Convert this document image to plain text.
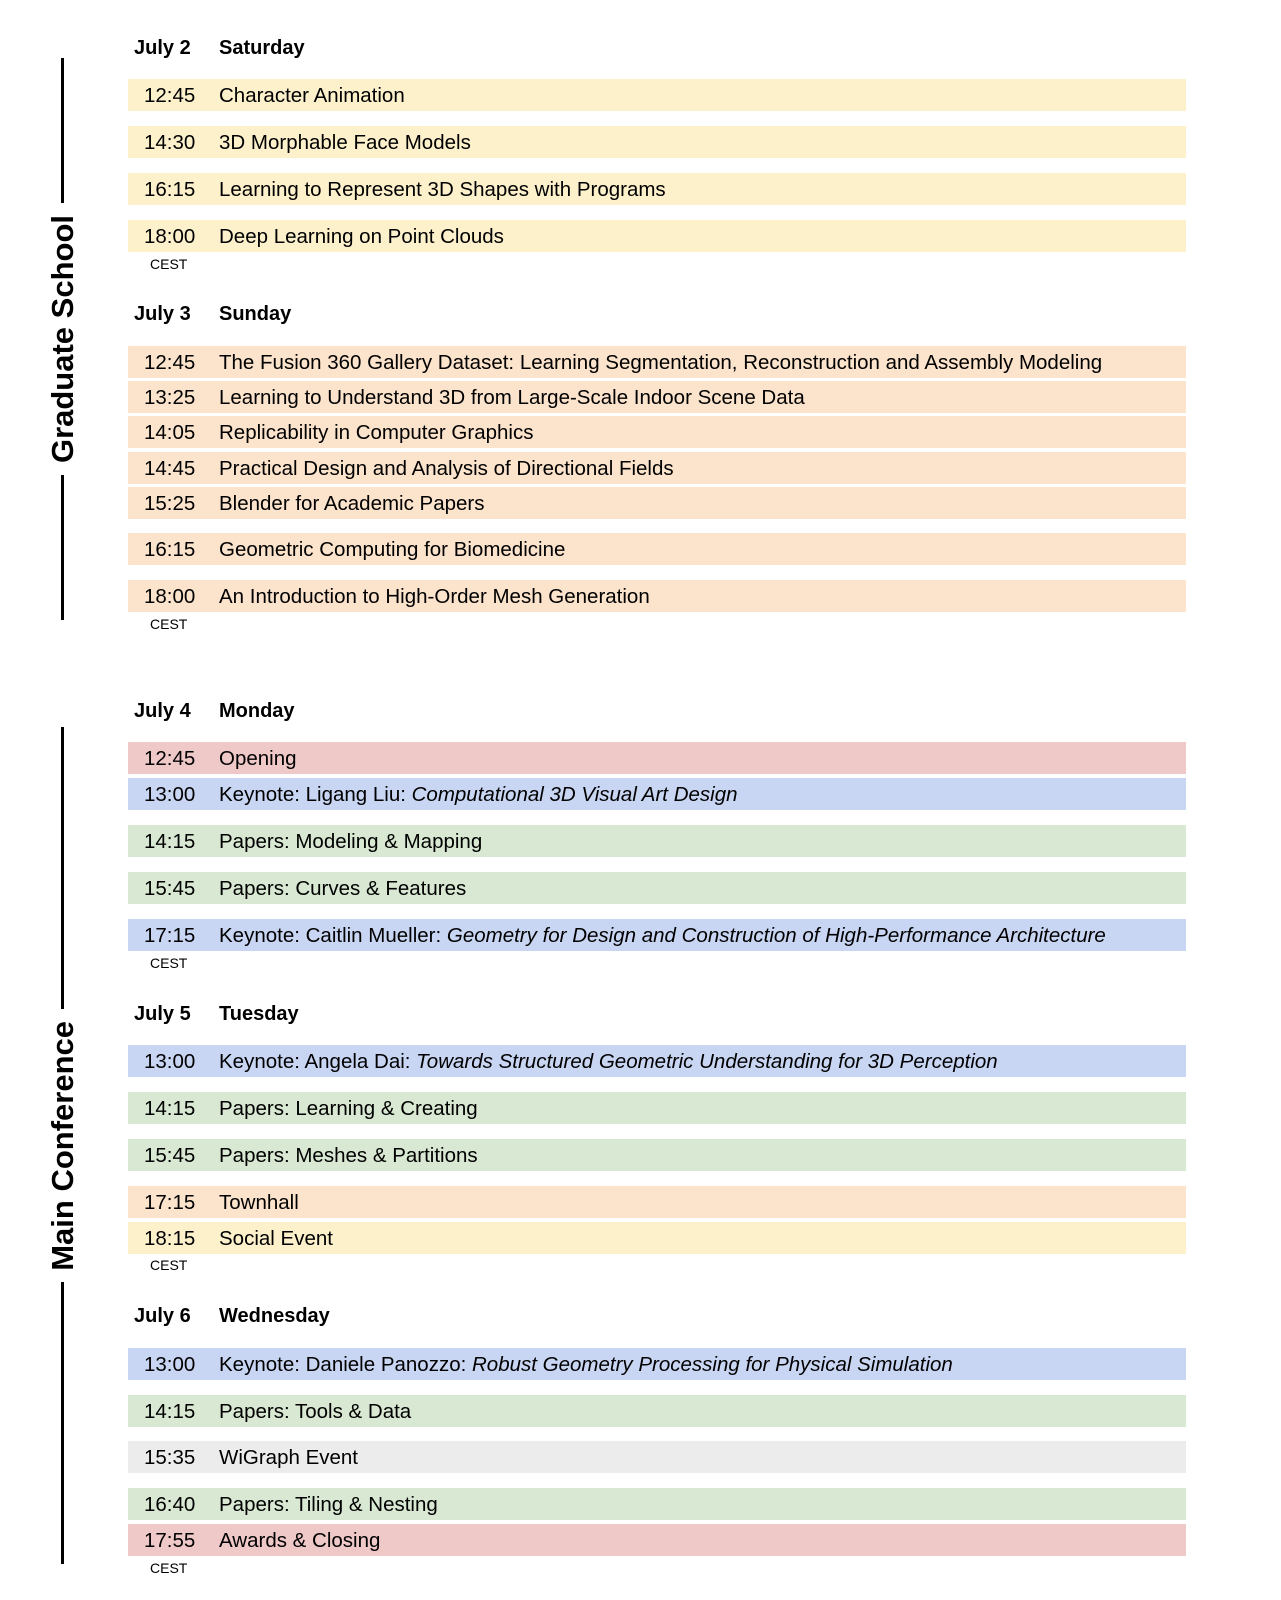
Graduate School
Main Conference
July 2 Saturday
12:45 Character Animation
14:30 3D Morphable Face Models
16:15 Learning to Represent 3D Shapes with Programs
18:00 Deep Learning on Point Clouds
CEST
July 3 Sunday
12:45 The Fusion 360 Gallery Dataset: Learning Segmentation, Reconstruction and Assembly Modeling
13:25 Learning to Understand 3D from Large-Scale Indoor Scene Data
14:05 Replicability in Computer Graphics
14:45 Practical Design and Analysis of Directional Fields
15:25 Blender for Academic Papers
16:15 Geometric Computing for Biomedicine
18:00 An Introduction to High-Order Mesh Generation
CEST
July 4 Monday
12:45 Opening
13:00 Keynote: Ligang Liu: Computational 3D Visual Art Design
14:15 Papers: Modeling & Mapping
15:45 Papers: Curves & Features
17:15 Keynote: Caitlin Mueller: Geometry for Design and Construction of High-Performance Architecture
CEST
July 5 Tuesday
13:00 Keynote: Angela Dai: Towards Structured Geometric Understanding for 3D Perception
14:15 Papers: Learning & Creating
15:45 Papers: Meshes & Partitions
17:15 Townhall
18:15 Social Event
CEST
July 6 Wednesday
13:00 Keynote: Daniele Panozzo: Robust Geometry Processing for Physical Simulation
14:15 Papers: Tools & Data
15:35 WiGraph Event
16:40 Papers: Tiling & Nesting
17:55 Awards & Closing
CEST
